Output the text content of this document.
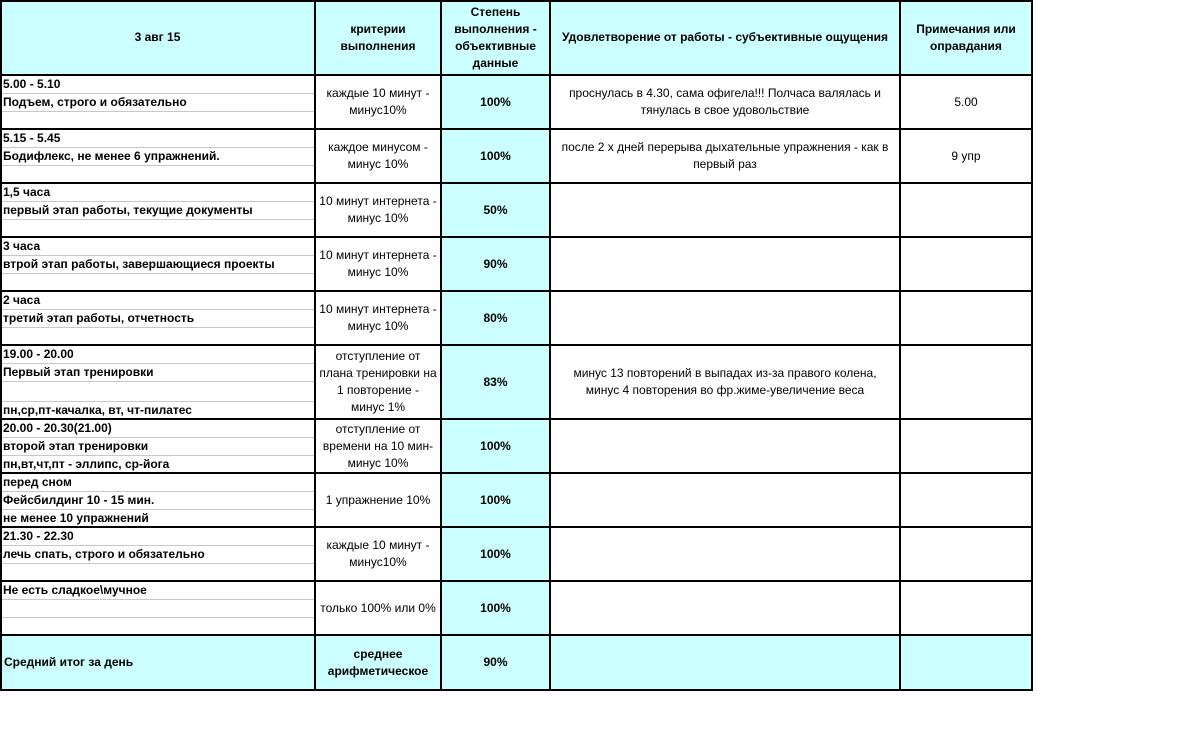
3 авг 15
критерии выполнения
Степень выполнения - объективные данные
Удовлетворение от работы - субъективные ощущения
Примечания или оправдания
5.00 - 5.10
Подъем, строго и обязательно
каждые 10 минут - минус10%
100%
проснулась в 4.30, сама офигела!!! Полчаса валялась и тянулась в свое удовольствие
5.00
5.15 - 5.45
Бодифлекс, не менее 6 упражнений.
каждое минусом - минус 10%
100%
после 2 х дней перерыва дыхательные упражнения - как в первый раз
9 упр
1,5 часа
первый этап работы, текущие документы
10 минут интернета - минус 10%
50%
3 часа
втрой этап работы, завершающиеся проекты
10 минут интернета - минус 10%
90%
2 часа
третий этап работы, отчетность
10 минут интернета - минус 10%
80%
19.00 - 20.00
Первый этап тренировки
пн,ср,пт-качалка, вт, чт-пилатес
отступление от плана тренировки на 1 повторение - минус 1%
83%
минус 13 повторений в выпадах из-за правого колена, минус 4 повторения во фр.жиме-увеличение веса
20.00 - 20.30(21.00)
второй этап тренировки
пн,вт,чт,пт - эллипс, ср-йога
отступление от времени на 10 мин- минус 10%
100%
перед сном
Фейсбилдинг 10 - 15 мин.
не менее 10 упражнений
1 упражнение 10%	100%
21.30 - 22.30
лечь спать, строго и обязательно
каждые 10 минут - минус10%
100%
Не есть сладкое\мучное
только 100% или 0%	100%
Средний итог за день
среднее арифметическое
90%
